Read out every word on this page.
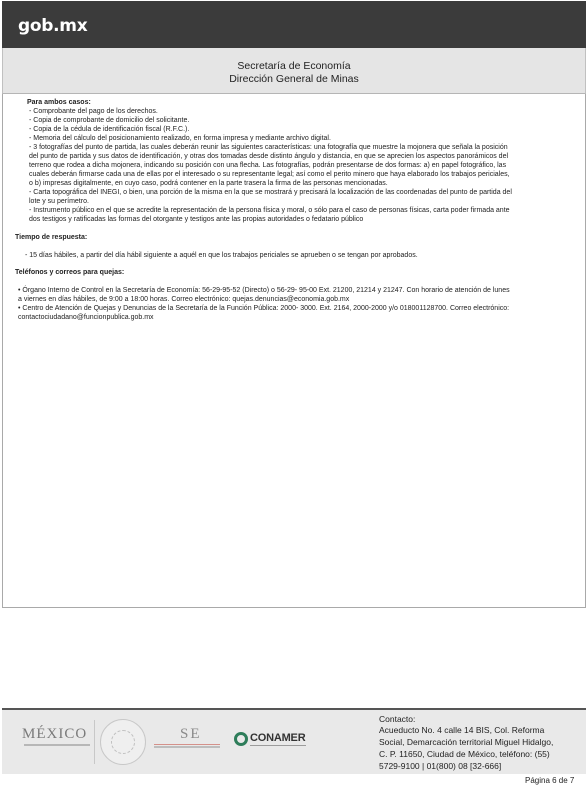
gob.mx
Secretaría de Economía
Dirección General de Minas
Para ambos casos:
- Comprobante del pago de los derechos.
- Copia de comprobante de domicilio del solicitante.
- Copia de la cédula de identificación fiscal (R.F.C.).
- Memoria del cálculo del posicionamiento realizado, en forma impresa y mediante archivo digital.
- 3 fotografías del punto de partida, las cuales deberán reunir las siguientes características: una fotografía que muestre la mojonera que señala la posición
del punto de partida y sus datos de identificación, y otras dos tomadas desde distinto ángulo y distancia, en que se aprecien los aspectos panorámicos del
terreno que rodea a dicha mojonera, indicando su posición con una flecha. Las fotografías, podrán presentarse de dos formas: a) en papel fotográfico, las
cuales deberán firmarse cada una de ellas por el interesado o su representante legal; así como el perito minero que haya elaborado los trabajos periciales,
o b) impresas digitalmente, en cuyo caso, podrá contener en la parte trasera la firma de las personas mencionadas.
- Carta topográfica del INEGI, o bien, una porción de la misma en la que se mostrará y precisará la localización de las coordenadas del punto de partida del
lote y su perímetro.
- Instrumento público en el que se acredite la representación de la persona física y moral, o sólo para el caso de personas físicas, carta poder firmada ante
dos testigos y ratificadas las formas del otorgante y testigos ante las propias autoridades o fedatario público
Tiempo de respuesta:
- 15 días hábiles, a partir del día hábil siguiente a aquél en que los trabajos periciales se aprueben o se tengan por aprobados.
Teléfonos y correos para quejas:
• Órgano Interno de Control en la Secretaría de Economía: 56-29-95-52 (Directo) o 56-29- 95-00 Ext. 21200, 21214 y 21247. Con horario de atención de lunes
a viernes en días hábiles, de 9:00 a 18:00 horas. Correo electrónico: quejas.denuncias@economia.gob.mx
• Centro de Atención de Quejas y Denuncias de la Secretaría de la Función Pública: 2000- 3000. Ext. 2164, 2000-2000 y/o 018001128700. Correo electrónico:
contactociudadano@funcionpublica.gob.mx
MÉXICO	SE	CONAMER
Contacto:
Acueducto No. 4 calle 14 BIS, Col. Reforma
Social, Demarcación territorial Miguel Hidalgo,
C. P. 11650, Ciudad de México, teléfono: (55)
5729-9100 | 01(800) 08 [32-666]
Página 6 de 7
